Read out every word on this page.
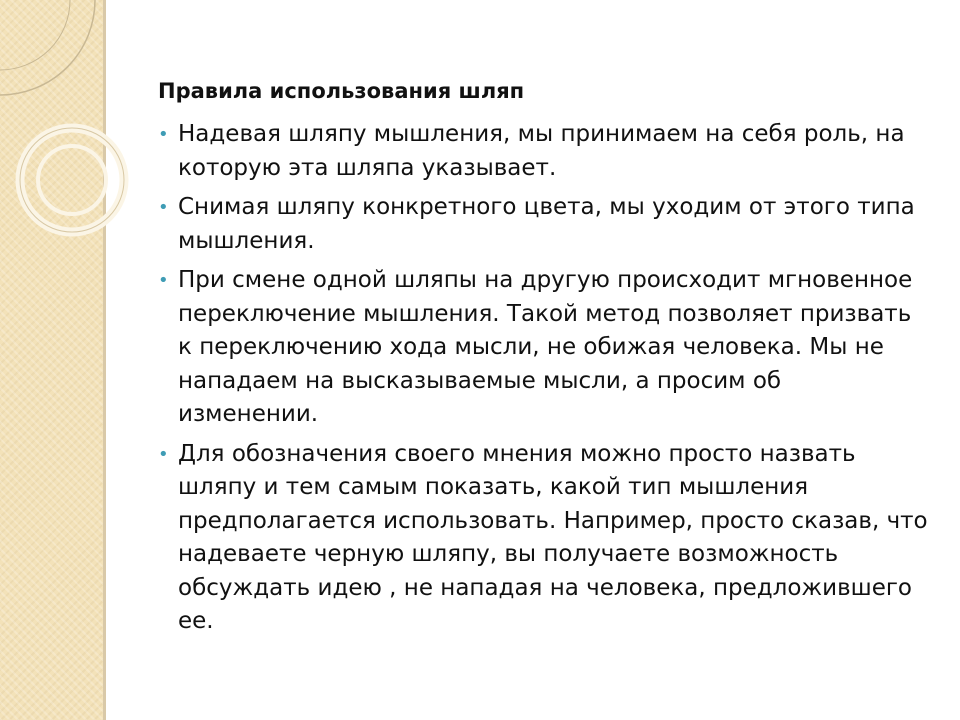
Правила использования шляп
• Надевая шляпу мышления, мы принимаем на себя роль, на которую эта шляпа указывает.
• Снимая шляпу конкретного цвета, мы уходим от этого типа мышления.
• При смене одной шляпы на другую происходит мгновенное переключение мышления. Такой метод позволяет призвать к переключению хода мысли, не обижая человека. Мы не нападаем на высказываемые мысли, а просим об изменении.
• Для обозначения своего мнения можно просто назвать шляпу и тем самым показать, какой тип мышления предполагается использовать. Например, просто сказав, что надеваете черную шляпу, вы получаете возможность обсуждать идею , не нападая на человека, предложившего ее.
